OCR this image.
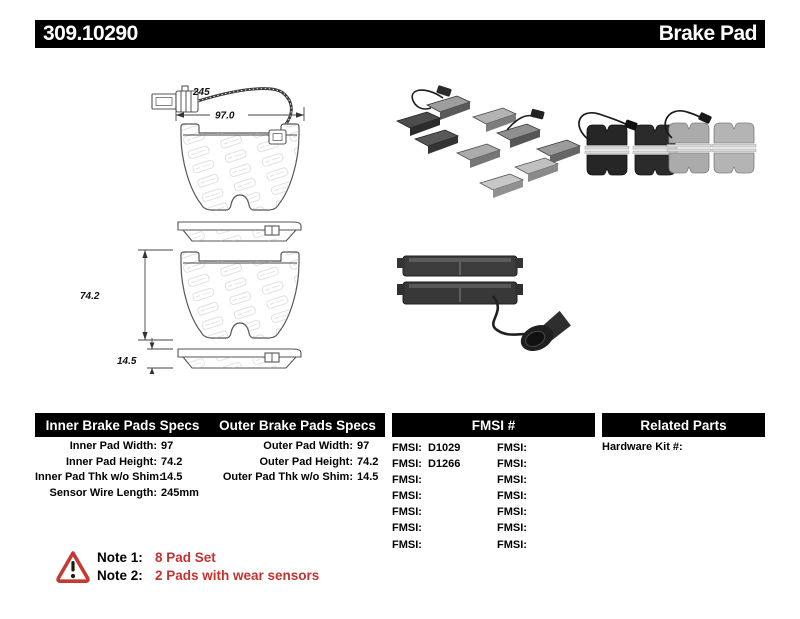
309.10290	Brake Pad
245
97.0
74.2
14.5
Inner Brake Pads Specs	Outer Brake Pads Specs	FMSI #	Related Parts
Inner Pad Width: 97
Inner Pad Height: 74.2
Inner Pad Thk w/o Shim:
14.5
Sensor Wire Length: 245mm
Outer Pad Width: 97
Outer Pad Height: 74.2
Outer Pad Thk w/o Shim: 14.5
FMSI: D1029
FMSI: D1266
FMSI:
FMSI:
FMSI:
FMSI:
FMSI:
FMSI:
FMSI:
FMSI:
FMSI:
FMSI:
FMSI:
FMSI:
Hardware Kit #:
Note 1: 8 Pad Set
Note 2: 2 Pads with wear sensors
